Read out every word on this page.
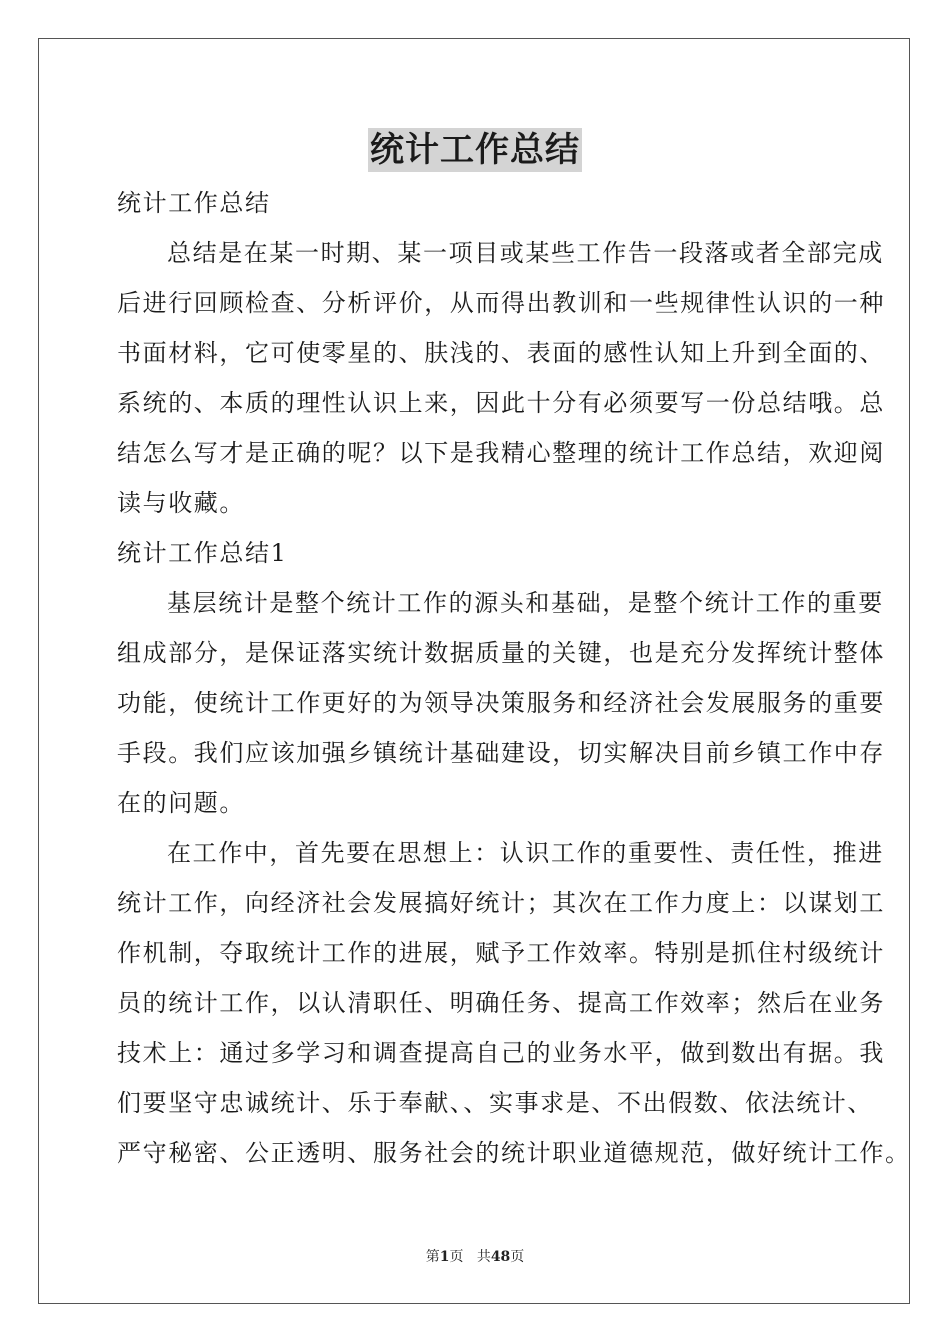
统计工作总结
统计工作总结
总结是在某一时期、某一项目或某些工作告一段落或者全部完成
后进行回顾检查、分析评价，从而得出教训和一些规律性认识的一种
书面材料，它可使零星的、肤浅的、表面的感性认知上升到全面的、
系统的、本质的理性认识上来，因此十分有必须要写一份总结哦。总
结怎么写才是正确的呢？以下是我精心整理的统计工作总结，欢迎阅
读与收藏。
统计工作总结1
基层统计是整个统计工作的源头和基础，是整个统计工作的重要
组成部分，是保证落实统计数据质量的关键，也是充分发挥统计整体
功能，使统计工作更好的为领导决策服务和经济社会发展服务的重要
手段。我们应该加强乡镇统计基础建设，切实解决目前乡镇工作中存
在的问题。
在工作中，首先要在思想上：认识工作的重要性、责任性，推进
统计工作，向经济社会发展搞好统计；其次在工作力度上：以谋划工
作机制，夺取统计工作的进展，赋予工作效率。特别是抓住村级统计
员的统计工作，以认清职任、明确任务、提高工作效率；然后在业务
技术上：通过多学习和调查提高自己的业务水平，做到数出有据。我
们要坚守忠诚统计、乐于奉献、、实事求是、不出假数、依法统计、
严守秘密、公正透明、服务社会的统计职业道德规范，做好统计工作。
第1页 共48页
